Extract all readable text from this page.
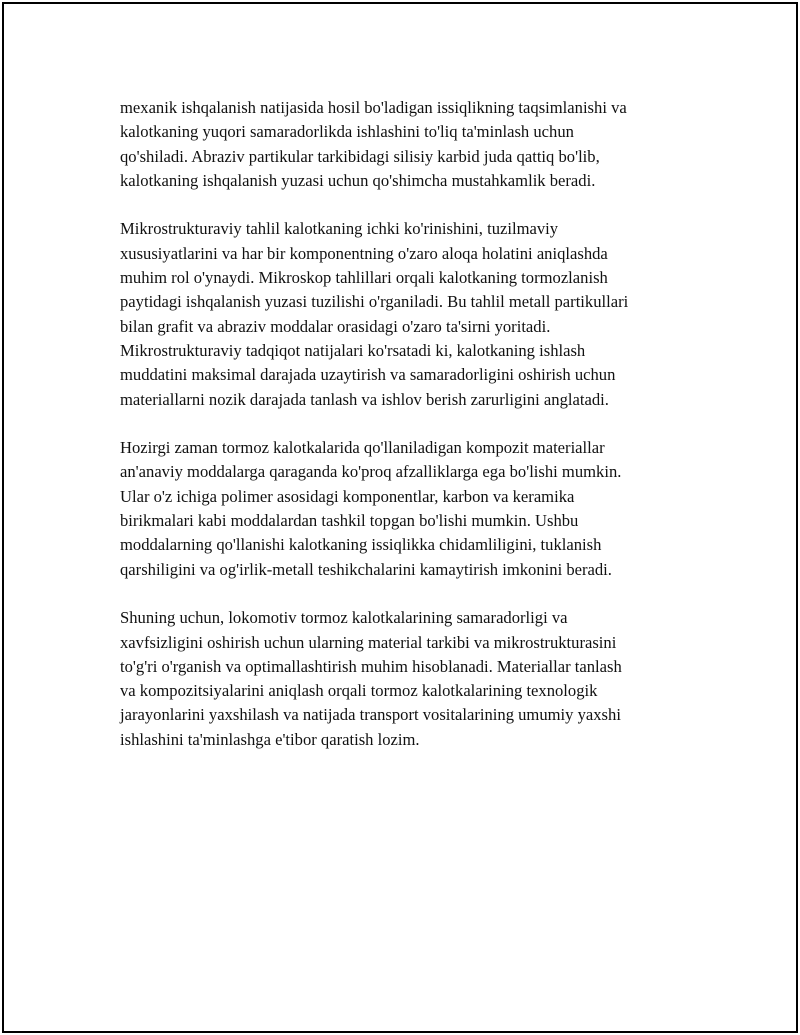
mexanik ishqalanish natijasida hosil bo'ladigan issiqlikning taqsimlanishi va
kalotkaning yuqori samaradorlikda ishlashini to'liq ta'minlash uchun
qo'shiladi. Abraziv partikular tarkibidagi silisiy karbid juda qattiq bo'lib,
kalotkaning ishqalanish yuzasi uchun qo'shimcha mustahkamlik beradi.

Mikrostrukturaviy tahlil kalotkaning ichki ko'rinishini, tuzilmaviy
xususiyatlarini va har bir komponentning o'zaro aloqa holatini aniqlashda
muhim rol o'ynaydi. Mikroskop tahlillari orqali kalotkaning tormozlanish
paytidagi ishqalanish yuzasi tuzilishi o'rganiladi. Bu tahlil metall partikullari
bilan grafit va abraziv moddalar orasidagi o'zaro ta'sirni yoritadi.
Mikrostrukturaviy tadqiqot natijalari ko'rsatadi ki, kalotkaning ishlash
muddatini maksimal darajada uzaytirish va samaradorligini oshirish uchun
materiallarni nozik darajada tanlash va ishlov berish zarurligini anglatadi.

Hozirgi zaman tormoz kalotkalarida qo'llaniladigan kompozit materiallar
an'anaviy moddalarga qaraganda ko'proq afzalliklarga ega bo'lishi mumkin.
Ular o'z ichiga polimer asosidagi komponentlar, karbon va keramika
birikmalari kabi moddalardan tashkil topgan bo'lishi mumkin. Ushbu
moddalarning qo'llanishi kalotkaning issiqlikka chidamliligini, tuklanish
qarshiligini va og'irlik-metall teshikchalarini kamaytirish imkonini beradi.

Shuning uchun, lokomotiv tormoz kalotkalarining samaradorligi va
xavfsizligini oshirish uchun ularning material tarkibi va mikrostrukturasini
to'g'ri o'rganish va optimallashtirish muhim hisoblanadi. Materiallar tanlash
va kompozitsiyalarini aniqlash orqali tormoz kalotkalarining texnologik
jarayonlarini yaxshilash va natijada transport vositalarining umumiy yaxshi
ishlashini ta'minlashga e'tibor qaratish lozim.
